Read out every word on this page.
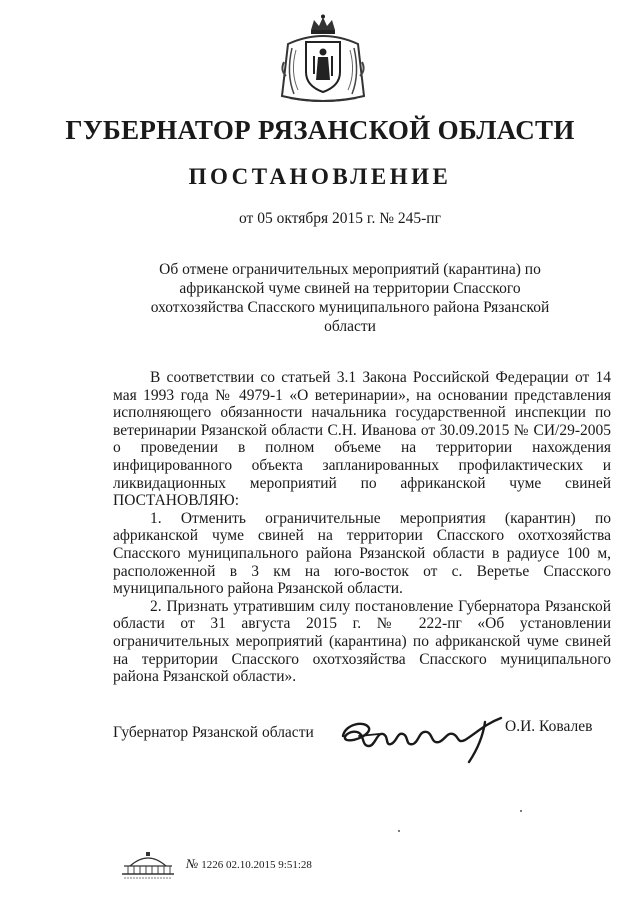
ГУБЕРНАТОР РЯЗАНСКОЙ ОБЛАСТИ
ПОСТАНОВЛЕНИЕ
от 05 октября 2015 г. № 245-пг
Об отмене ограничительных мероприятий (карантина) по африканской чуме свиней на территории Спасского охотхозяйства Спасского муниципального района Рязанской области

В соответствии со статьей 3.1 Закона Российской Федерации от 14 мая 1993 года № 4979-1 «О ветеринарии», на основании представления исполняющего обязанности начальника государственной инспекции по ветеринарии Рязанской области С.Н. Иванова от 30.09.2015 № СИ/29-2005 о проведении в полном объеме на территории нахождения инфицированного объекта запланированных профилактических и ликвидационных мероприятий по африканской чуме свиней ПОСТАНОВЛЯЮ:

1. Отменить ограничительные мероприятия (карантин) по африканской чуме свиней на территории Спасского охотхозяйства Спасского муниципального района Рязанской области в радиусе 100 м, расположенной в 3 км на юго-восток от с. Веретье Спасского муниципального района Рязанской области.

2. Признать утратившим силу постановление Губернатора Рязанской области от 31 августа 2015 г. № 222-пг «Об установлении ограничительных мероприятий (карантина) по африканской чуме свиней на территории Спасского охотхозяйства Спасского муниципального района Рязанской области».

Губернатор Рязанской области	О.И. Ковалев
№ 1226 02.10.2015 9:51:28
